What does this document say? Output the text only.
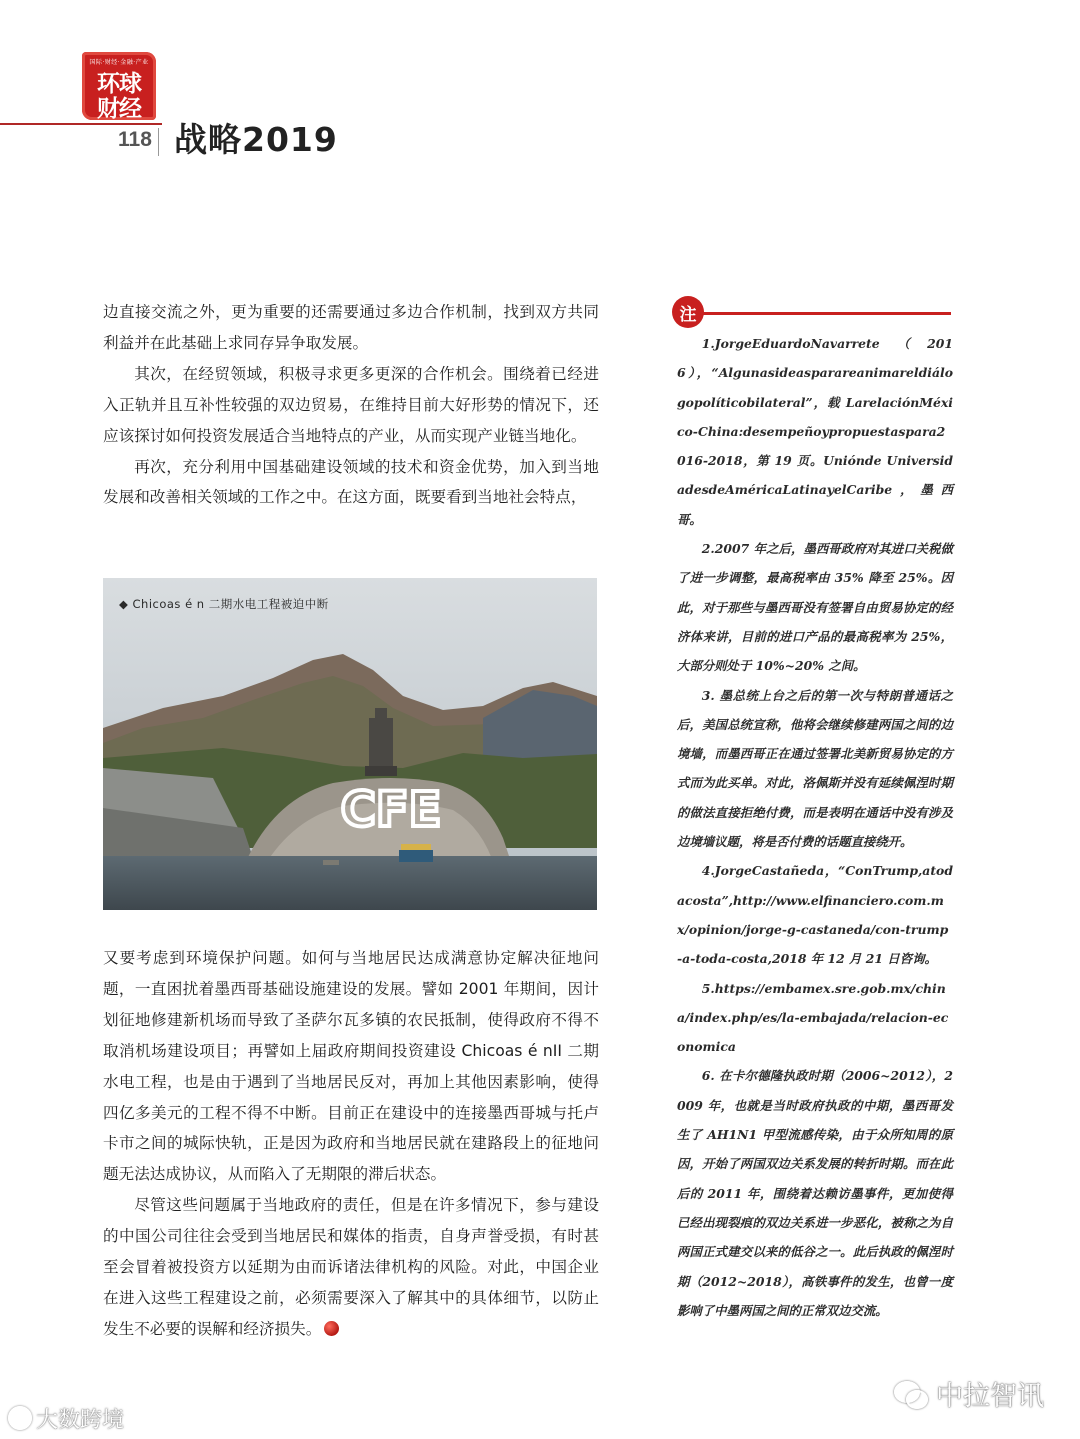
国际·财经·金融·产业
环球
财经
118 战略2019

边直接交流之外，更为重要的还需要通过多边合作机制，找到双方共同利益并在此基础上求同存异争取发展。

其次，在经贸领域，积极寻求更多更深的合作机会。围绕着已经进入正轨并且互补性较强的双边贸易，在维持目前大好形势的情况下，还应该探讨如何投资发展适合当地特点的产业，从而实现产业链当地化。

再次，充分利用中国基础建设领域的技术和资金优势，加入到当地发展和改善相关领域的工作之中。在这方面，既要看到当地社会特点，

CFE
◆ Chicoas é n 二期水电工程被迫中断

又要考虑到环境保护问题。如何与当地居民达成满意协定解决征地问题，一直困扰着墨西哥基础设施建设的发展。譬如 2001 年期间，因计划征地修建新机场而导致了圣萨尔瓦多镇的农民抵制，使得政府不得不取消机场建设项目；再譬如上届政府期间投资建设 Chicoas é nII 二期水电工程，也是由于遇到了当地居民反对，再加上其他因素影响，使得四亿多美元的工程不得不中断。目前正在建设中的连接墨西哥城与托卢卡市之间的城际快轨，正是因为政府和当地居民就在建路段上的征地问题无法达成协议，从而陷入了无期限的滞后状态。

尽管这些问题属于当地政府的责任，但是在许多情况下，参与建设的中国公司往往会受到当地居民和媒体的指责，自身声誉受损，有时甚至会冒着被投资方以延期为由而诉诸法律机构的风险。对此，中国企业在进入这些工程建设之前，必须需要深入了解其中的具体细节，以防止发生不必要的误解和经济损失。

注

1.JorgeEduardoNavarrete（2016），“Algunasideasparareanimareldiálogopolíticobilateral”，载 LarelaciónMéxico-China:desempeñoypropuestaspara2016-2018，第 19 页。Uniónde UniversidadesdeAméricaLatinayelCaribe，墨西哥。

2.2007 年之后，墨西哥政府对其进口关税做了进一步调整，最高税率由 35% 降至 25%。因此，对于那些与墨西哥没有签署自由贸易协定的经济体来讲，目前的进口产品的最高税率为 25%，大部分则处于 10%~20% 之间。

3. 墨总统上台之后的第一次与特朗普通话之后，美国总统宣称，他将会继续修建两国之间的边境墙，而墨西哥正在通过签署北美新贸易协定的方式而为此买单。对此，洛佩斯并没有延续佩涅时期的做法直接拒绝付费，而是表明在通话中没有涉及边境墙议题，将是否付费的话题直接绕开。

4.JorgeCastañeda，“ConTrump,atodacosta”,http://www.elfinanciero.com.mx/opinion/jorge-g-castaneda/con-trump-a-toda-costa,2018 年 12 月 21 日咨询。

5.https://embamex.sre.gob.mx/china/index.php/es/la-embajada/relacion-economica

6. 在卡尔德隆执政时期（2006~2012），2009 年，也就是当时政府执政的中期，墨西哥发生了 AH1N1 甲型流感传染，由于众所知周的原因，开始了两国双边关系发展的转折时期。而在此后的 2011 年，围绕着达赖访墨事件，更加使得已经出现裂痕的双边关系进一步恶化，被称之为自两国正式建交以来的低谷之一。此后执政的佩涅时期（2012~2018），高铁事件的发生，也曾一度影响了中墨两国之间的正常双边交流。

大数跨境
中拉智讯
